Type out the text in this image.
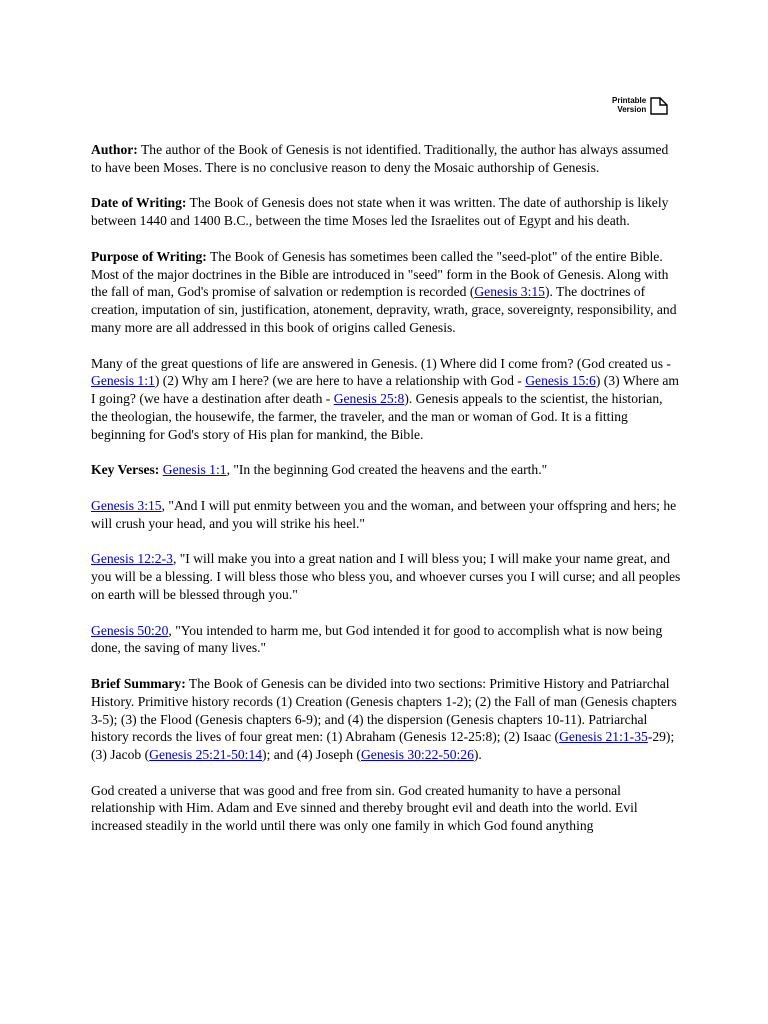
Printable
Version

Author: The author of the Book of Genesis is not identified. Traditionally, the author has always assumed to have been Moses. There is no conclusive reason to deny the Mosaic authorship of Genesis.

Date of Writing: The Book of Genesis does not state when it was written. The date of authorship is likely between 1440 and 1400 B.C., between the time Moses led the Israelites out of Egypt and his death.

Purpose of Writing: The Book of Genesis has sometimes been called the "seed-plot" of the entire Bible. Most of the major doctrines in the Bible are introduced in "seed" form in the Book of Genesis. Along with the fall of man, God's promise of salvation or redemption is recorded (Genesis 3:15). The doctrines of creation, imputation of sin, justification, atonement, depravity, wrath, grace, sovereignty, responsibility, and many more are all addressed in this book of origins called Genesis.

Many of the great questions of life are answered in Genesis. (1) Where did I come from? (God created us - Genesis 1:1) (2) Why am I here? (we are here to have a relationship with God - Genesis 15:6) (3) Where am I going? (we have a destination after death - Genesis 25:8). Genesis appeals to the scientist, the historian, the theologian, the housewife, the farmer, the traveler, and the man or woman of God. It is a fitting beginning for God's story of His plan for mankind, the Bible.

Key Verses: Genesis 1:1, "In the beginning God created the heavens and the earth."

Genesis 3:15, "And I will put enmity between you and the woman, and between your offspring and hers; he will crush your head, and you will strike his heel."

Genesis 12:2-3, "I will make you into a great nation and I will bless you; I will make your name great, and you will be a blessing. I will bless those who bless you, and whoever curses you I will curse; and all peoples on earth will be blessed through you."

Genesis 50:20, "You intended to harm me, but God intended it for good to accomplish what is now being done, the saving of many lives."

Brief Summary: The Book of Genesis can be divided into two sections: Primitive History and Patriarchal History. Primitive history records (1) Creation (Genesis chapters 1-2); (2) the Fall of man (Genesis chapters 3-5); (3) the Flood (Genesis chapters 6-9); and (4) the dispersion (Genesis chapters 10-11). Patriarchal history records the lives of four great men: (1) Abraham (Genesis 12-25:8); (2) Isaac (Genesis 21:1-35-29); (3) Jacob (Genesis 25:21-50:14); and (4) Joseph (Genesis 30:22-50:26).

God created a universe that was good and free from sin. God created humanity to have a personal relationship with Him. Adam and Eve sinned and thereby brought evil and death into the world. Evil increased steadily in the world until there was only one family in which God found anything
